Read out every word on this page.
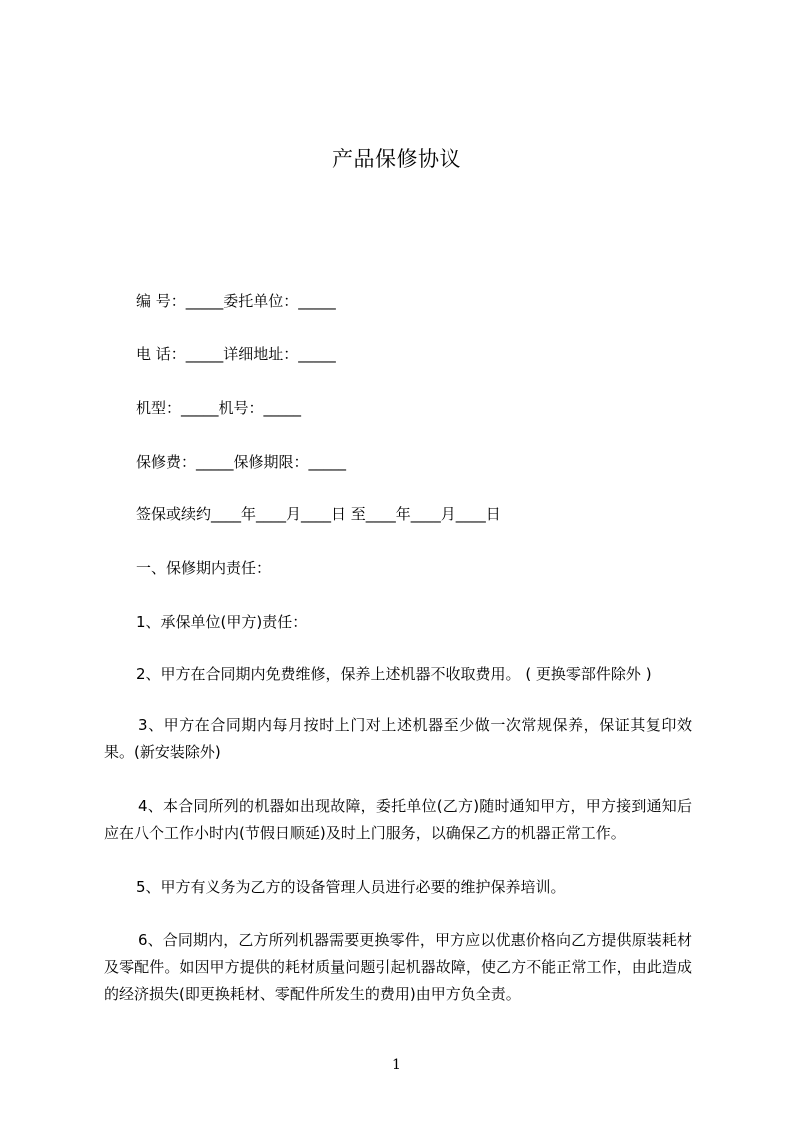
产品保修协议
编 号：_____委托单位：_____
电 话：_____详细地址：_____
机型：_____机号：_____
保修费：_____保修期限：_____
签保或续约____年____月____日 至____年____月____日
一、保修期内责任：
1、承保单位(甲方)责任：
2、甲方在合同期内免费维修，保养上述机器不收取费用。 ( 更换零部件除外 )
3、甲方在合同期内每月按时上门对上述机器至少做一次常规保养，保证其复印效果。(新安装除外)
4、本合同所列的机器如出现故障，委托单位(乙方)随时通知甲方，甲方接到通知后应在八个工作小时内(节假日顺延)及时上门服务，以确保乙方的机器正常工作。
5、甲方有义务为乙方的设备管理人员进行必要的维护保养培训。
6、合同期内，乙方所列机器需要更换零件，甲方应以优惠价格向乙方提供原装耗材及零配件。如因甲方提供的耗材质量问题引起机器故障，使乙方不能正常工作，由此造成的经济损失(即更换耗材、零配件所发生的费用)由甲方负全责。
1
